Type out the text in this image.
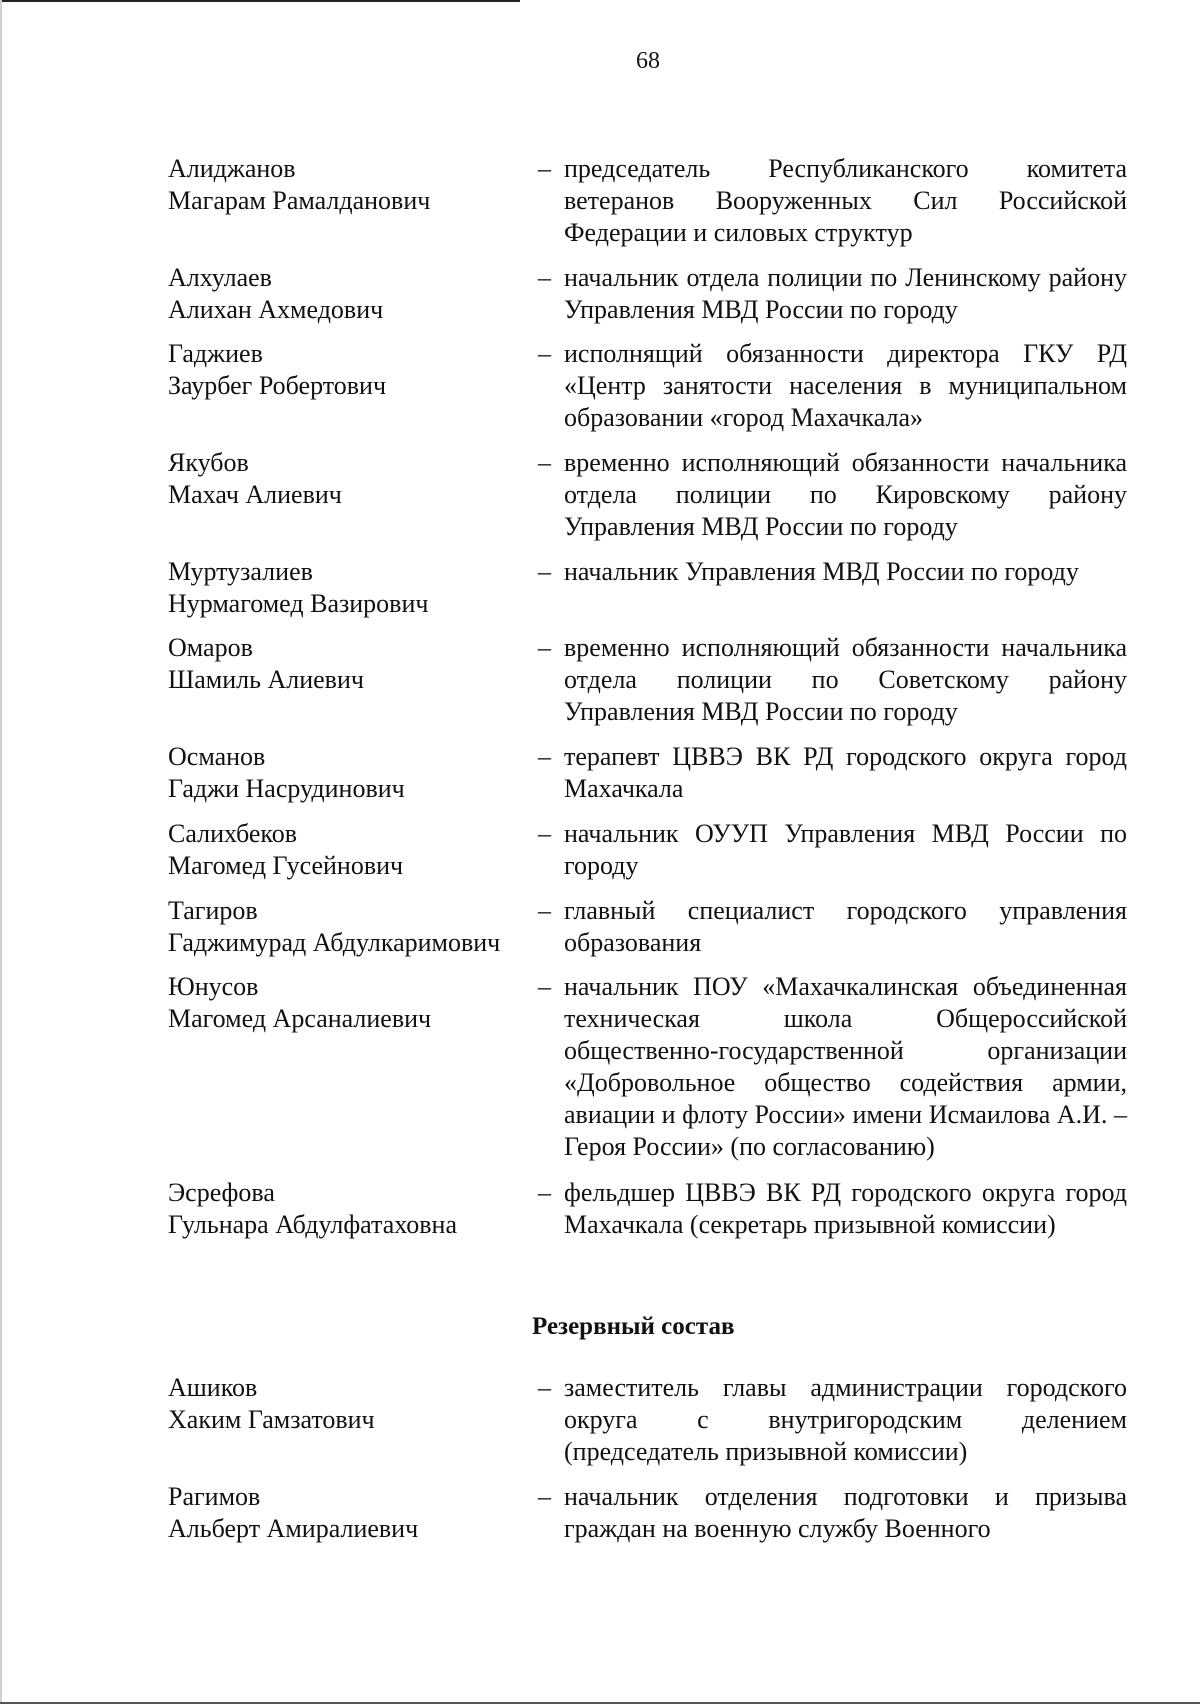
68
Резервный состав
Алиджанов
Магарам Рамалданович
– председатель Республиканского комитета ветеранов Вооруженных Сил Российской Федерации и силовых структур
Алхулаев
Алихан Ахмедович
– начальник отдела полиции по Ленинскому району Управления МВД России по городу
Гаджиев
Заурбег Робертович
– исполнящий обязанности директора ГКУ РД «Центр занятости населения в муниципальном образовании «город Махачкала»
Якубов
Махач Алиевич
– временно исполняющий обязанности начальника отдела полиции по Кировскому району Управления МВД России по городу
Муртузалиев
Нурмагомед Вазирович
– начальник Управления МВД России по городу
Омаров
Шамиль Алиевич
– временно исполняющий обязанности начальника отдела полиции по Советскому району Управления МВД России по городу
Османов
Гаджи Насрудинович
– терапевт ЦВВЭ ВК РД городского округа город Махачкала
Салихбеков
Магомед Гусейнович
– начальник ОУУП Управления МВД России по городу
Тагиров
Гаджимурад Абдулкаримович
– главный специалист городского управления образования
Юнусов
Магомед Арсаналиевич
– начальник ПОУ «Махачкалинская объединенная техническая школа Общероссийской общественно-государственной организации «Добровольное общество содействия армии, авиации и флоту России» имени Исмаилова А.И. – Героя России» (по согласованию)
Эсрефова
Гульнара Абдулфатаховна
– фельдшер ЦВВЭ ВК РД городского округа город Махачкала (секретарь призывной комиссии)
Ашиков
Хаким Гамзатович
– заместитель главы администрации городского округа с внутригородским делением (председатель призывной комиссии)
Рагимов
Альберт Амиралиевич
– начальник отделения подготовки и призыва граждан на военную службу Военного
